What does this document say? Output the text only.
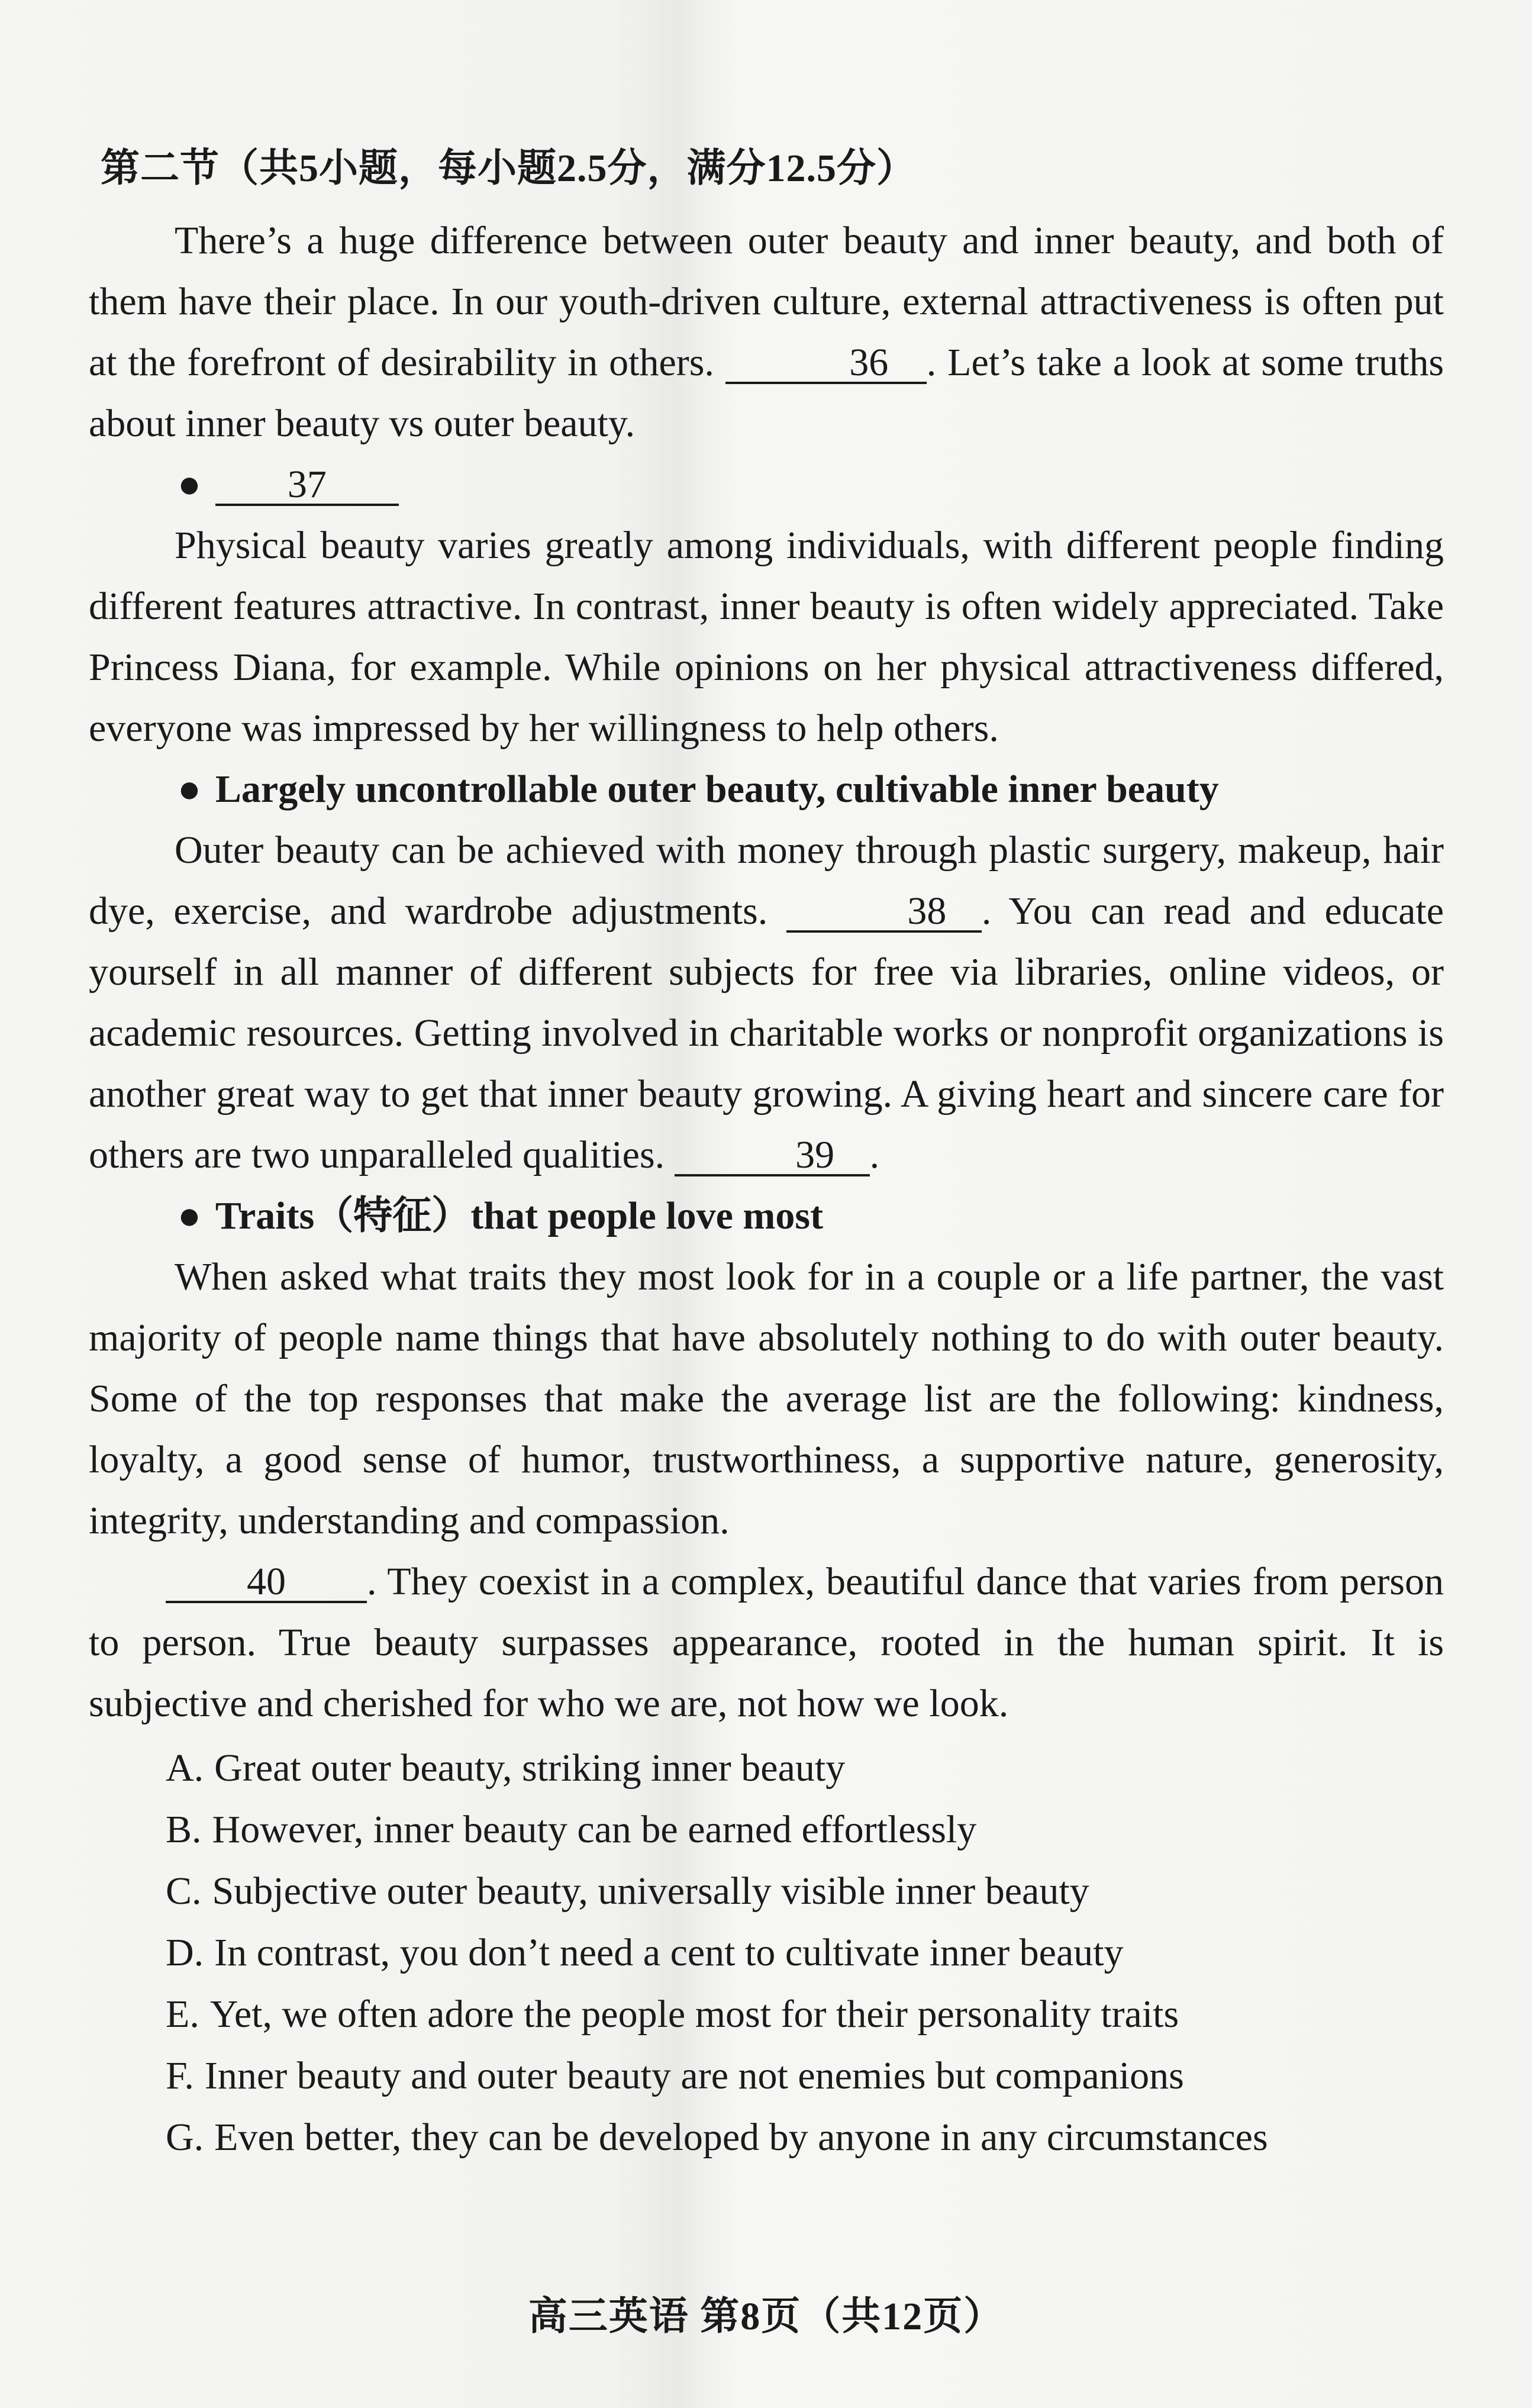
第二节（共5小题，每小题2.5分，满分12.5分）

There’s a huge difference between outer beauty and inner beauty, and both of them have their place. In our youth-driven culture, external attractiveness is often put at the forefront of desirability in others.	36 . Let’s take a look at some truths about inner beauty vs outer beauty.

● 37

Physical beauty varies greatly among individuals, with different people finding different features attractive. In contrast, inner beauty is often widely appreciated. Take Princess Diana, for example. While opinions on her physical attractiveness differed, everyone was impressed by her willingness to help others.

● Largely uncontrollable outer beauty, cultivable inner beauty

Outer beauty can be achieved with money through plastic surgery, makeup, hair dye, exercise, and wardrobe adjustments.	38 . You can read and educate yourself in all manner of different subjects for free via libraries, online videos, or academic resources. Getting involved in charitable works or nonprofit organizations is another great way to get that inner beauty growing. A giving heart and sincere care for others are two unparalleled qualities.	39 .

● Traits（特征）that people love most

When asked what traits they most look for in a couple or a life partner, the vast majority of people name things that have absolutely nothing to do with outer beauty. Some of the top responses that make the average list are the following: kindness, loyalty, a good sense of humor, trustworthiness, a supportive nature, generosity, integrity, understanding and compassion.

40 . They coexist in a complex, beautiful dance that varies from person to person. True beauty surpasses appearance, rooted in the human spirit. It is subjective and cherished for who we are, not how we look.

A. Great outer beauty, striking inner beauty
B. However, inner beauty can be earned effortlessly
C. Subjective outer beauty, universally visible inner beauty
D. In contrast, you don’t need a cent to cultivate inner beauty
E. Yet, we often adore the people most for their personality traits
F. Inner beauty and outer beauty are not enemies but companions
G. Even better, they can be developed by anyone in any circumstances
高三英语 第8页（共12页）
